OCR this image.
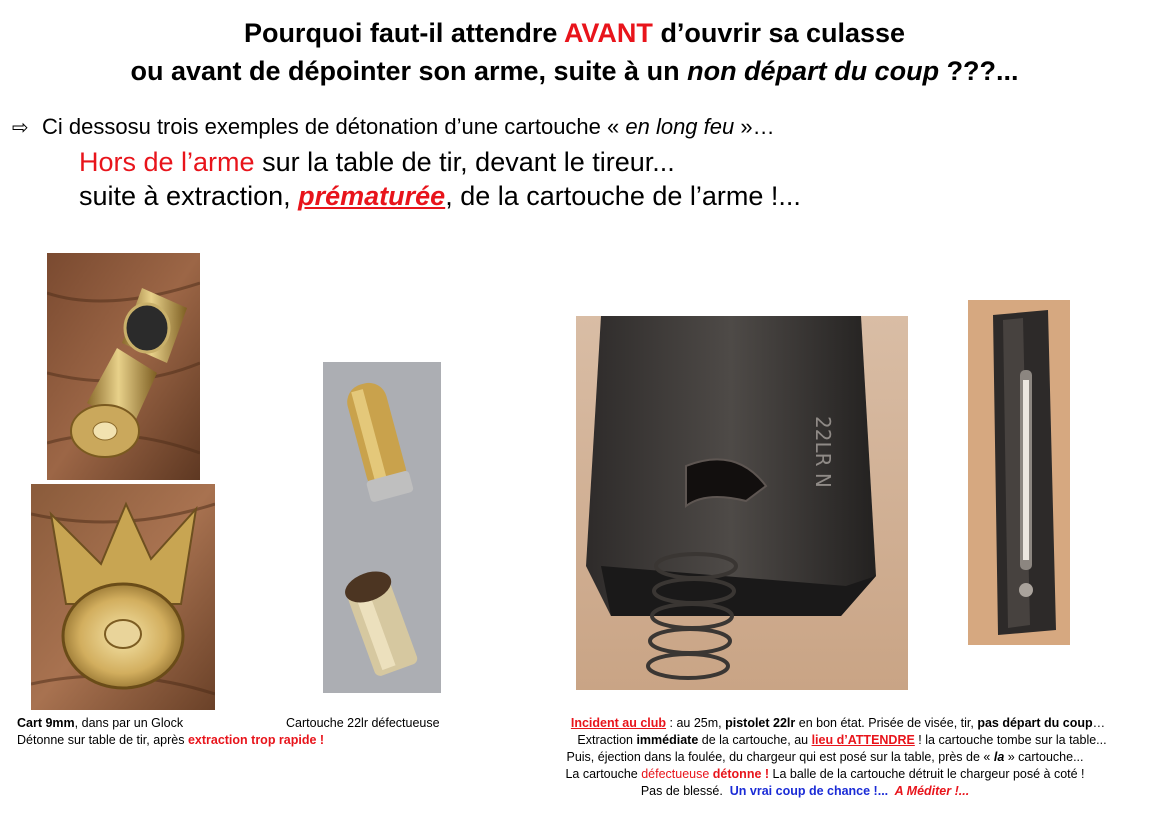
Pourquoi faut-il attendre AVANT d’ouvrir sa culasse
ou avant de dépointer son arme, suite à un non départ du coup ???...
⇨ Ci dessosu trois exemples de détonation d’une cartouche « en long feu »…
Hors de l’arme sur la table de tir, devant le tireur...
suite à extraction, prématurée, de la cartouche de l’arme !...
22LR N
Cart 9mm, dans par un Glock
Détonne sur table de tir, après extraction trop rapide !
Cartouche 22lr défectueuse	Incident au club : au 25m, pistolet 22lr en bon état. Prisée de visée, tir, pas départ du coup…
Extraction immédiate de la cartouche, au lieu d’ATTENDRE ! la cartouche tombe sur la table...
Puis, éjection dans la foulée, du chargeur qui est posé sur la table, près de « la » cartouche...
La cartouche défectueuse détonne ! La balle de la cartouche détruit le chargeur posé à coté !
Pas de blessé.  Un vrai coup de chance !...  A Méditer !...
